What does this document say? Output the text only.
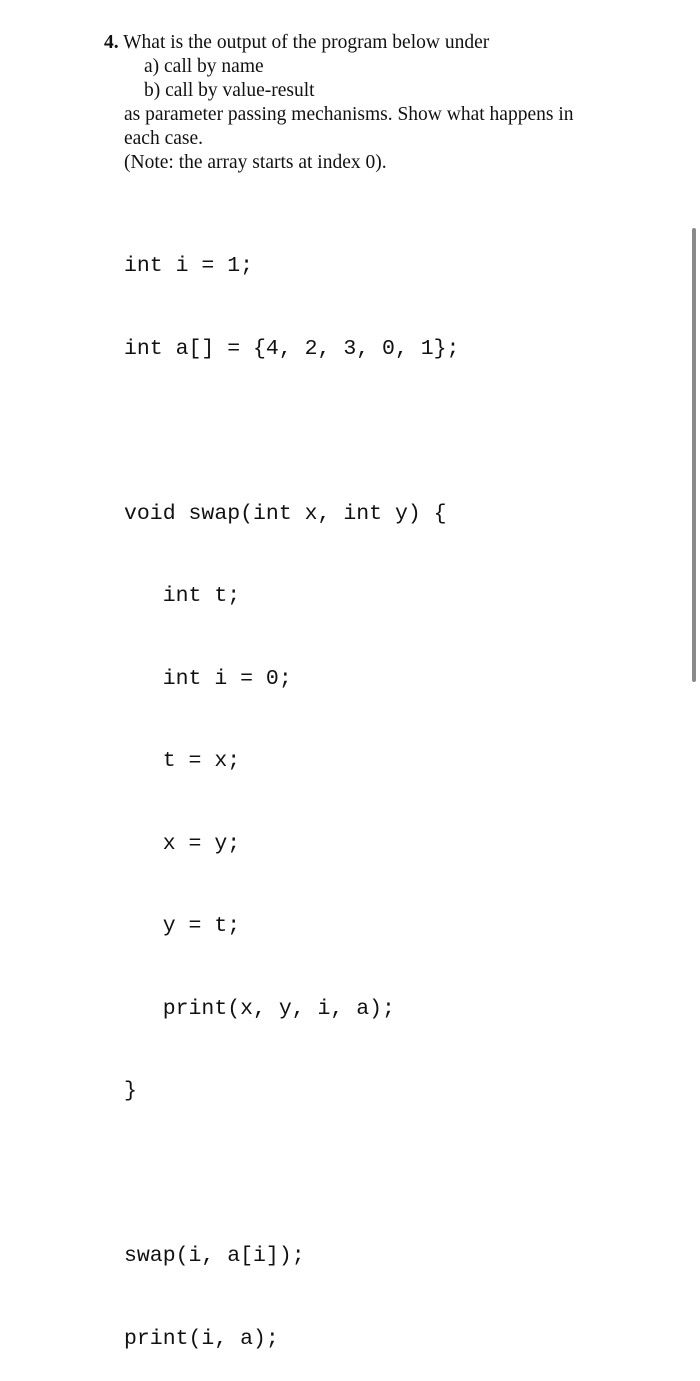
4. What is the output of the program below under

a) call by name

b) call by value-result

as parameter passing mechanisms. Show what happens in

each case.

(Note: the array starts at index 0).

int i = 1;

int a[] = {4, 2, 3, 0, 1};

void swap(int x, int y) {

int t;

int i = 0;

t = x;

x = y;

y = t;

print(x, y, i, a);

}

swap(i, a[i]);

print(i, a);
